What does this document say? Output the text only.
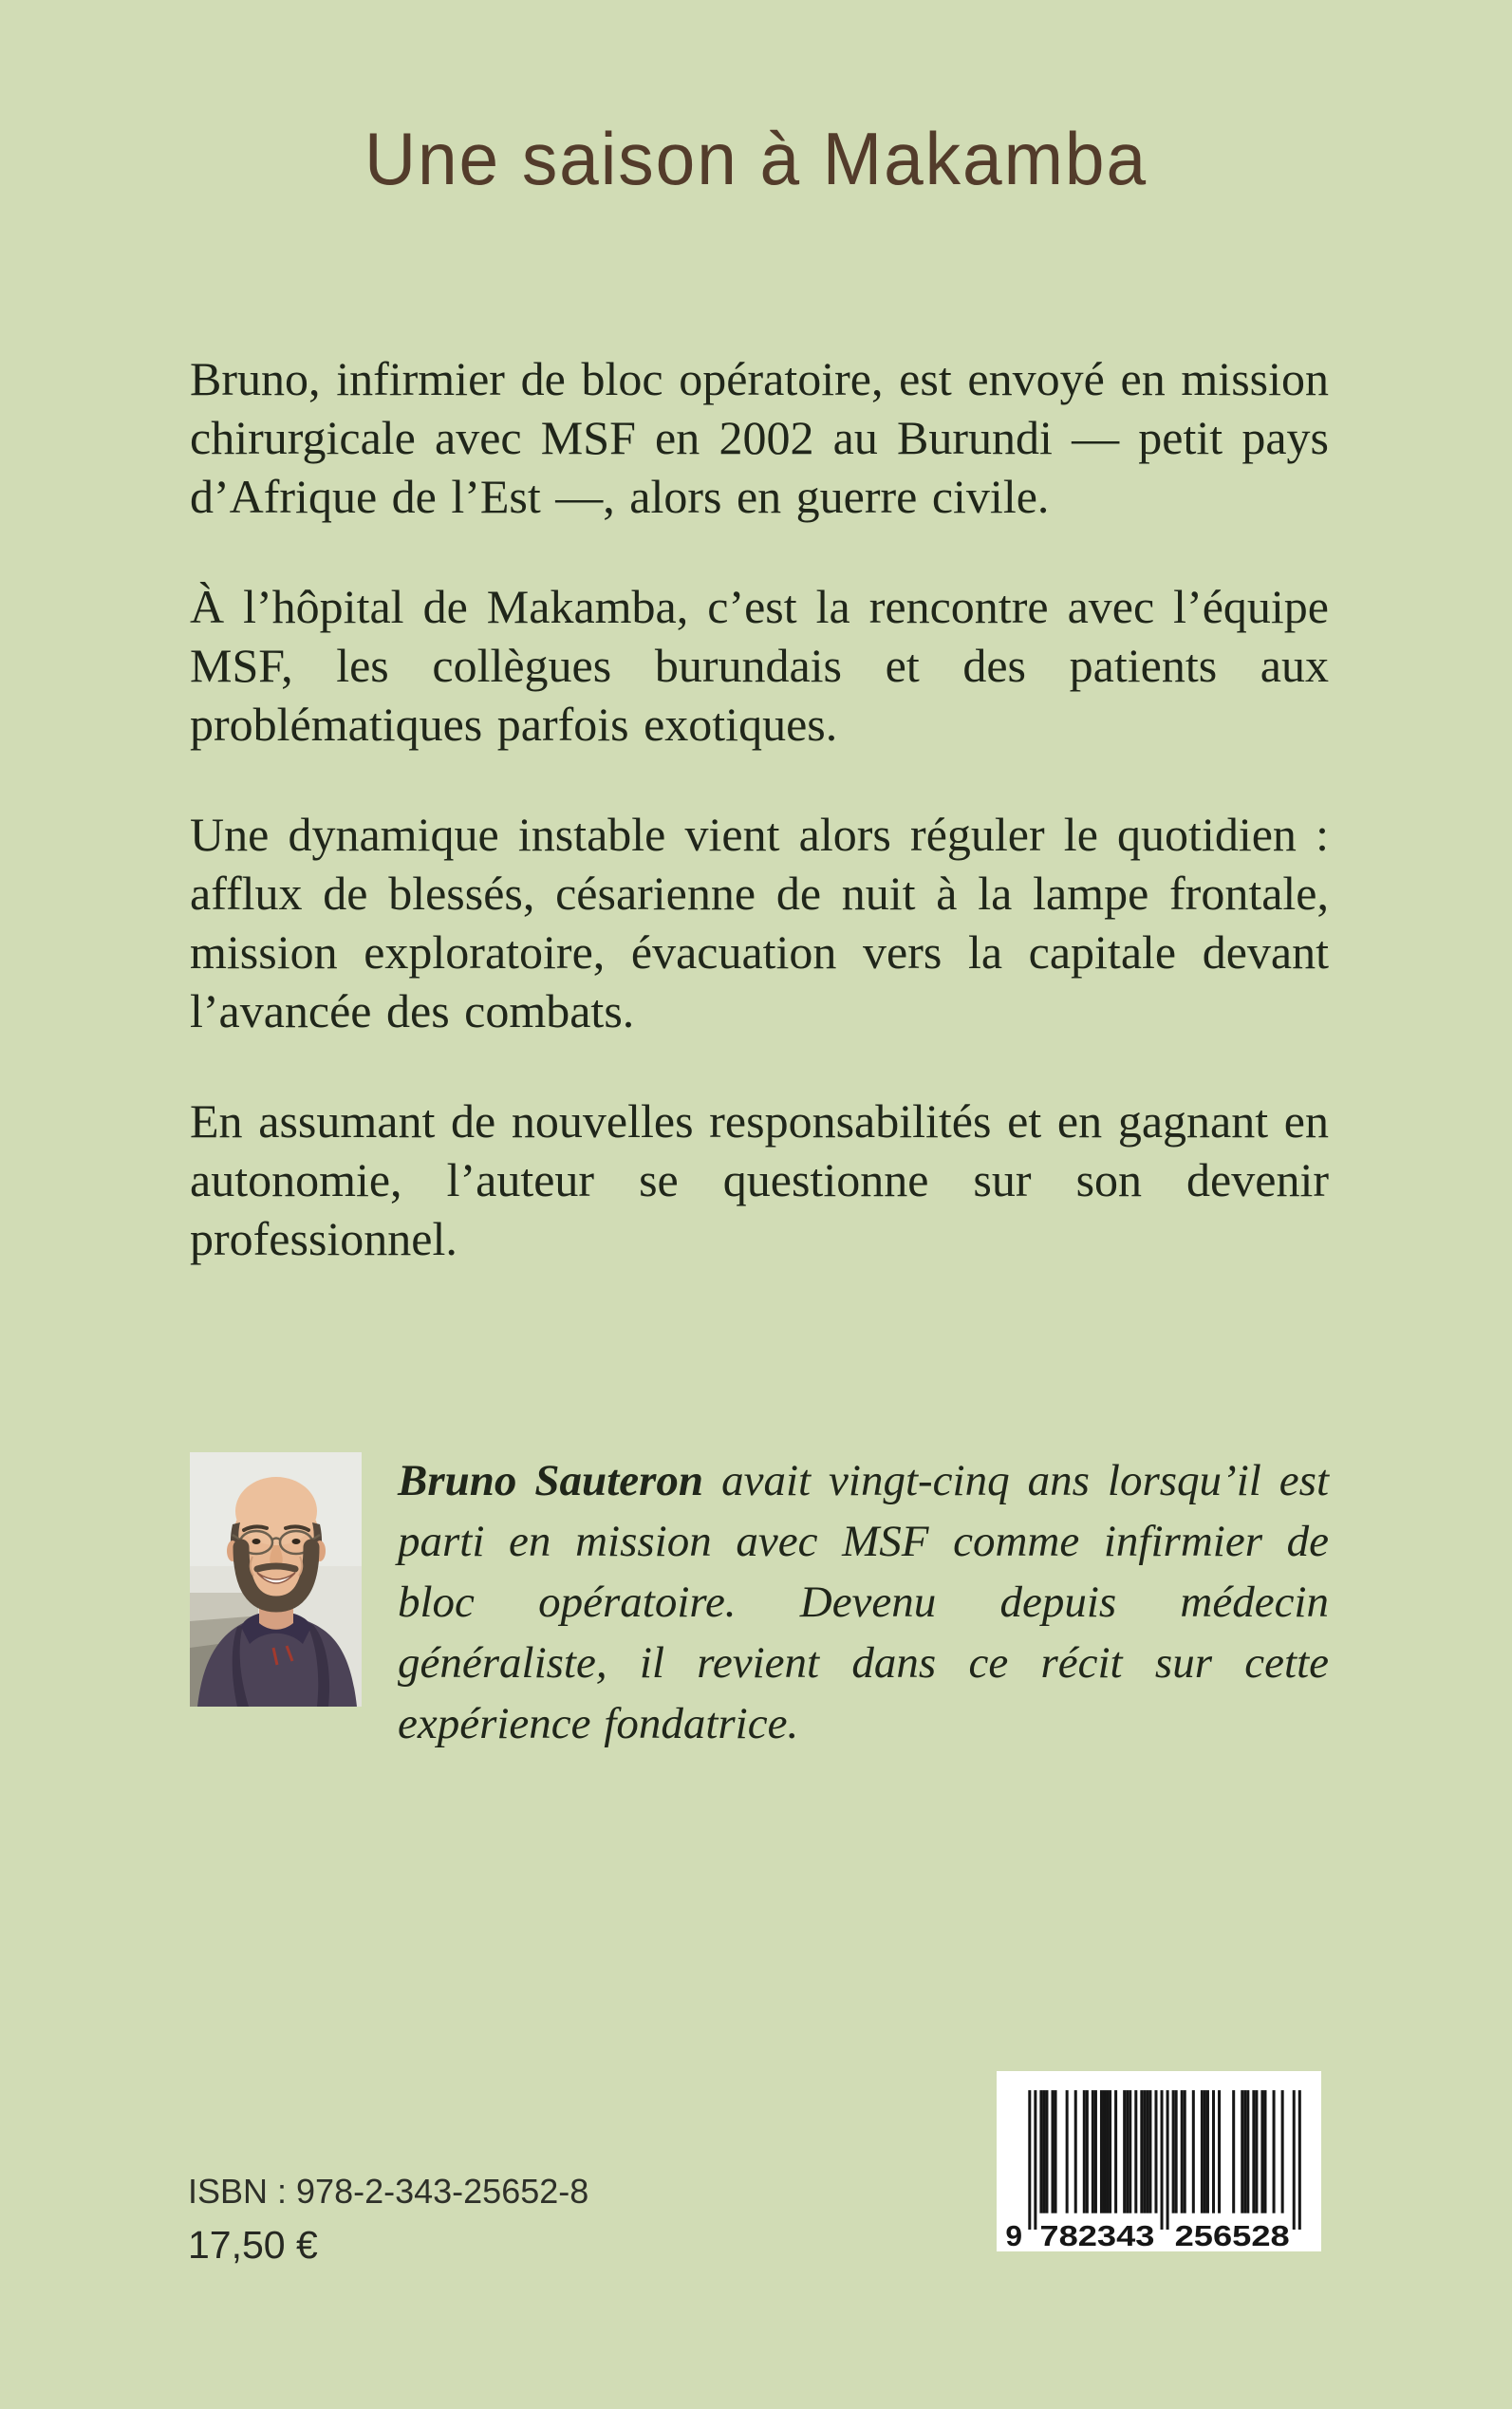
Une saison à Makamba

Bruno, infirmier de bloc opératoire, est envoyé en mission chirurgicale avec MSF en 2002 au Burundi — petit pays d’Afrique de l’Est —, alors en guerre civile.

À l’hôpital de Makamba, c’est la rencontre avec l’équipe MSF, les collègues burundais et des patients aux problématiques parfois exotiques.

Une dynamique instable vient alors réguler le quotidien : afflux de blessés, césarienne de nuit à la lampe frontale, mission exploratoire, évacuation vers la capitale devant l’avancée des combats.

En assumant de nouvelles responsabilités et en gagnant en autonomie, l’auteur se questionne sur son devenir professionnel.

Bruno Sauteron avait vingt-cinq ans lorsqu’il est parti en mission avec MSF comme infirmier de bloc opératoire. Devenu depuis médecin généraliste, il revient dans ce récit sur cette expérience fondatrice.
ISBN : 978-2-343-25652-8
17,50 €	9 782343 256528
